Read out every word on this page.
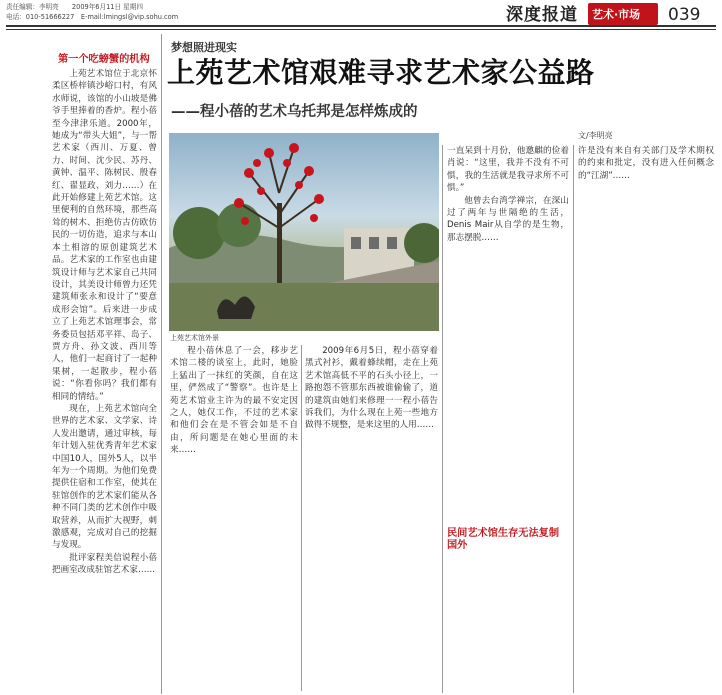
责任编辑：李明亮　　2009年6月11日 星期四
电话：010-51666227　E-mail:lmingsl@vip.sohu.com	深度报道 艺术·市场 039
第一个吃螃蟹的机构

上苑艺术馆位于北京怀柔区桥梓镇沙峪口村，有风水师说，该馆的小山坡是佛爷手里捧着的香炉。程小蓓至今津津乐道。2000年，她成为“带头大姐”，与一帮艺术家（西川、万夏、曾力、时间、沈少民、苏丹、黄钟、温平、陈树民、殷春红、翟显政、刘力……）在此开始修建上苑艺术馆。这里便利的自然环境，那些高耸的树木、拒绝仿古仿欧仿民的一切仿造，追求与本山本土相溶的原创建筑艺术品。艺术家的工作室也由建筑设计师与艺术家自己共同设计，其美设计师曾力还凭建筑师张永和设计了“要意成形会馆”。后来进一步成立了上苑艺术馆理事会，常务委员包括邓平祥、岛子、贾方舟、孙文波、西川等人，他们一起商讨了一起种果树，一起散步，程小蓓说：“你看你吗？我们都有相同的情结。”

现在，上苑艺术馆向全世界的艺术家、文学家、诗人发出邀请，通过审核，每年计划入驻优秀青年艺术家中国10人，国外5人，以半年为一个周期。为他们免费提供住宿和工作室，使其在驻馆创作的艺术家们能从各种不同门类的艺术创作中吸取营养，从而扩大视野，刺激感观，完成对自己的挖掘与发现。

批评家程美信说程小蓓把画室改成驻馆艺术家……

梦想照进现实
上苑艺术馆艰难寻求艺术家公益路
——程小蓓的艺术乌托邦是怎样炼成的
文/李明亮
上苑艺术馆外景

程小蓓休息了一会，移步艺术馆二楼的谈室上，此时，她脸上猛出了一抹红的笑颜，自在这里，俨然成了“警察”。也许是上苑艺术馆业主许为的最不安定因之人，她仅工作，不过的艺术家和他们会在是不管会如是不自由，所问题是在她心里面的未来……

2009年6月5日，程小蓓穿着黑式衬衫，戴着蜂续帽，走在上苑艺术馆高低不平的石头小径上，一路抱怨不管那东西被谁偷偷了，道的建筑由她们来修理一一程小蓓告诉我们，为什么现在上苑一些地方做得不规整，是来这里的人用……

一直呆到十月份，他邀麒的俭着肖说：“这里，我并不没有不可惧，我的生活就是我寻求所不可惧。”

他曾去台湾学禅宗，在深山过了两年与世隔绝的生活，Denis Mair从自学的是生物，那志摆脱……

许是没有来自有关部门及学术期权的约束和批定，没有进入任何概念的“江湖”……

民间艺术馆生存无法复制国外
